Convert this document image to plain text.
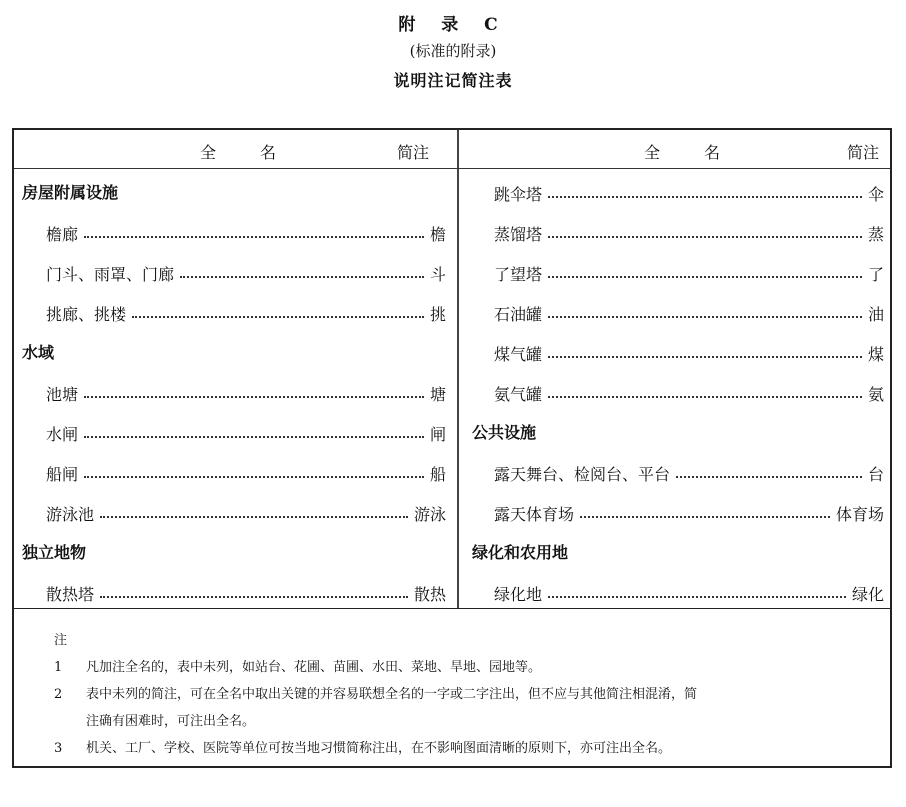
附 录 C
(标准的附录)
说明注记简注表
全　名	简注	全　名	简注
房屋附属设施
檐廊	檐
门斗、雨罩、门廊	斗
挑廊、挑楼	挑
水域
池塘	塘
水闸	闸
船闸	船
游泳池	游泳
独立地物
散热塔	散热
跳伞塔	伞
蒸馏塔	蒸
了望塔	了
石油罐	油
煤气罐	煤
氨气罐	氨
公共设施
露天舞台、检阅台、平台	台
露天体育场	体育场
绿化和农用地
绿化地	绿化
注
1 凡加注全名的，表中未列，如站台、花圃、苗圃、水田、菜地、旱地、园地等。
2 表中未列的简注，可在全名中取出关键的并容易联想全名的一字或二字注出，但不应与其他简注相混淆，简
注确有困难时，可注出全名。
3 机关、工厂、学校、医院等单位可按当地习惯简称注出，在不影响图面清晰的原则下，亦可注出全名。
